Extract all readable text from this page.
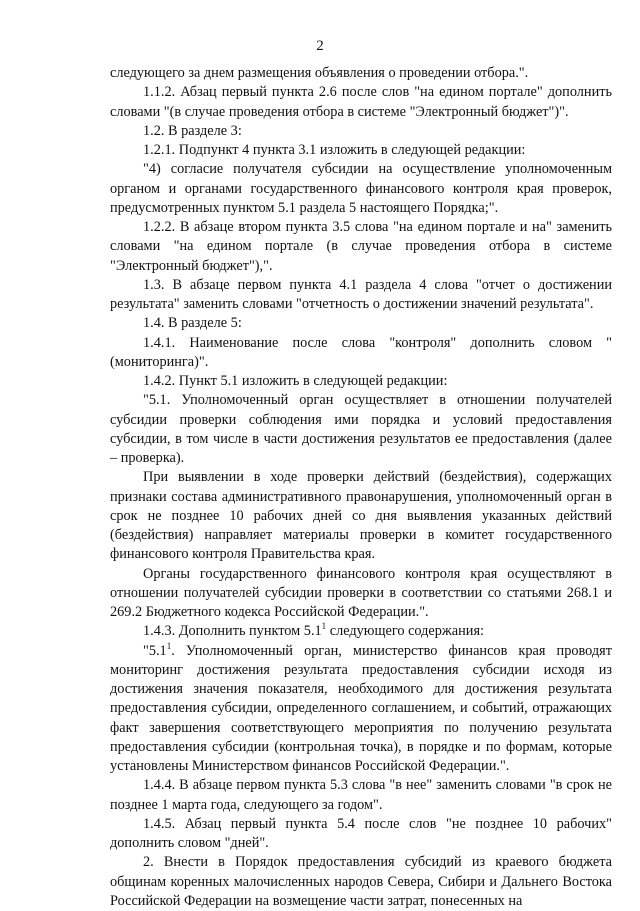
2

следующего за днем размещения объявления о проведении отбора.".

1.1.2. Абзац первый пункта 2.6 после слов "на едином портале" дополнить словами "(в случае проведения отбора в системе "Электронный бюджет")".

1.2. В разделе 3:

1.2.1. Подпункт 4 пункта 3.1 изложить в следующей редакции:

"4) согласие получателя субсидии на осуществление уполномоченным органом и органами государственного финансового контроля края проверок, предусмотренных пунктом 5.1 раздела 5 настоящего Порядка;".

1.2.2. В абзаце втором пункта 3.5 слова "на едином портале и на" заменить словами "на едином портале (в случае проведения отбора в системе "Электронный бюджет"),".

1.3. В абзаце первом пункта 4.1 раздела 4 слова "отчет о достижении результата" заменить словами "отчетность о достижении значений результата".

1.4. В разделе 5:

1.4.1. Наименование после слова "контроля" дополнить словом "(мониторинга)".

1.4.2. Пункт 5.1 изложить в следующей редакции:

"5.1. Уполномоченный орган осуществляет в отношении получателей субсидии проверки соблюдения ими порядка и условий предоставления субсидии, в том числе в части достижения результатов ее предоставления (далее – проверка).

При выявлении в ходе проверки действий (бездействия), содержащих признаки состава административного правонарушения, уполномоченный орган в срок не позднее 10 рабочих дней со дня выявления указанных действий (бездействия) направляет материалы проверки в комитет государственного финансового контроля Правительства края.

Органы государственного финансового контроля края осуществляют в отношении получателей субсидии проверки в соответствии со статьями 268.1 и 269.2 Бюджетного кодекса Российской Федерации.".

1.4.3. Дополнить пунктом $5.1^1$ следующего содержания:

"$5.1^1$. Уполномоченный орган, министерство финансов края проводят мониторинг достижения результата предоставления субсидии исходя из достижения значения показателя, необходимого для достижения результата предоставления субсидии, определенного соглашением, и событий, отражающих факт завершения соответствующего мероприятия по получению результата предоставления субсидии (контрольная точка), в порядке и по формам, которые установлены Министерством финансов Российской Федерации.".

1.4.4. В абзаце первом пункта 5.3 слова "в нее" заменить словами "в срок не позднее 1 марта года, следующего за годом".

1.4.5. Абзац первый пункта 5.4 после слов "не позднее 10 рабочих" дополнить словом "дней".

2. Внести в Порядок предоставления субсидий из краевого бюджета общинам коренных малочисленных народов Севера, Сибири и Дальнего Востока Российской Федерации на возмещение части затрат, понесенных на
